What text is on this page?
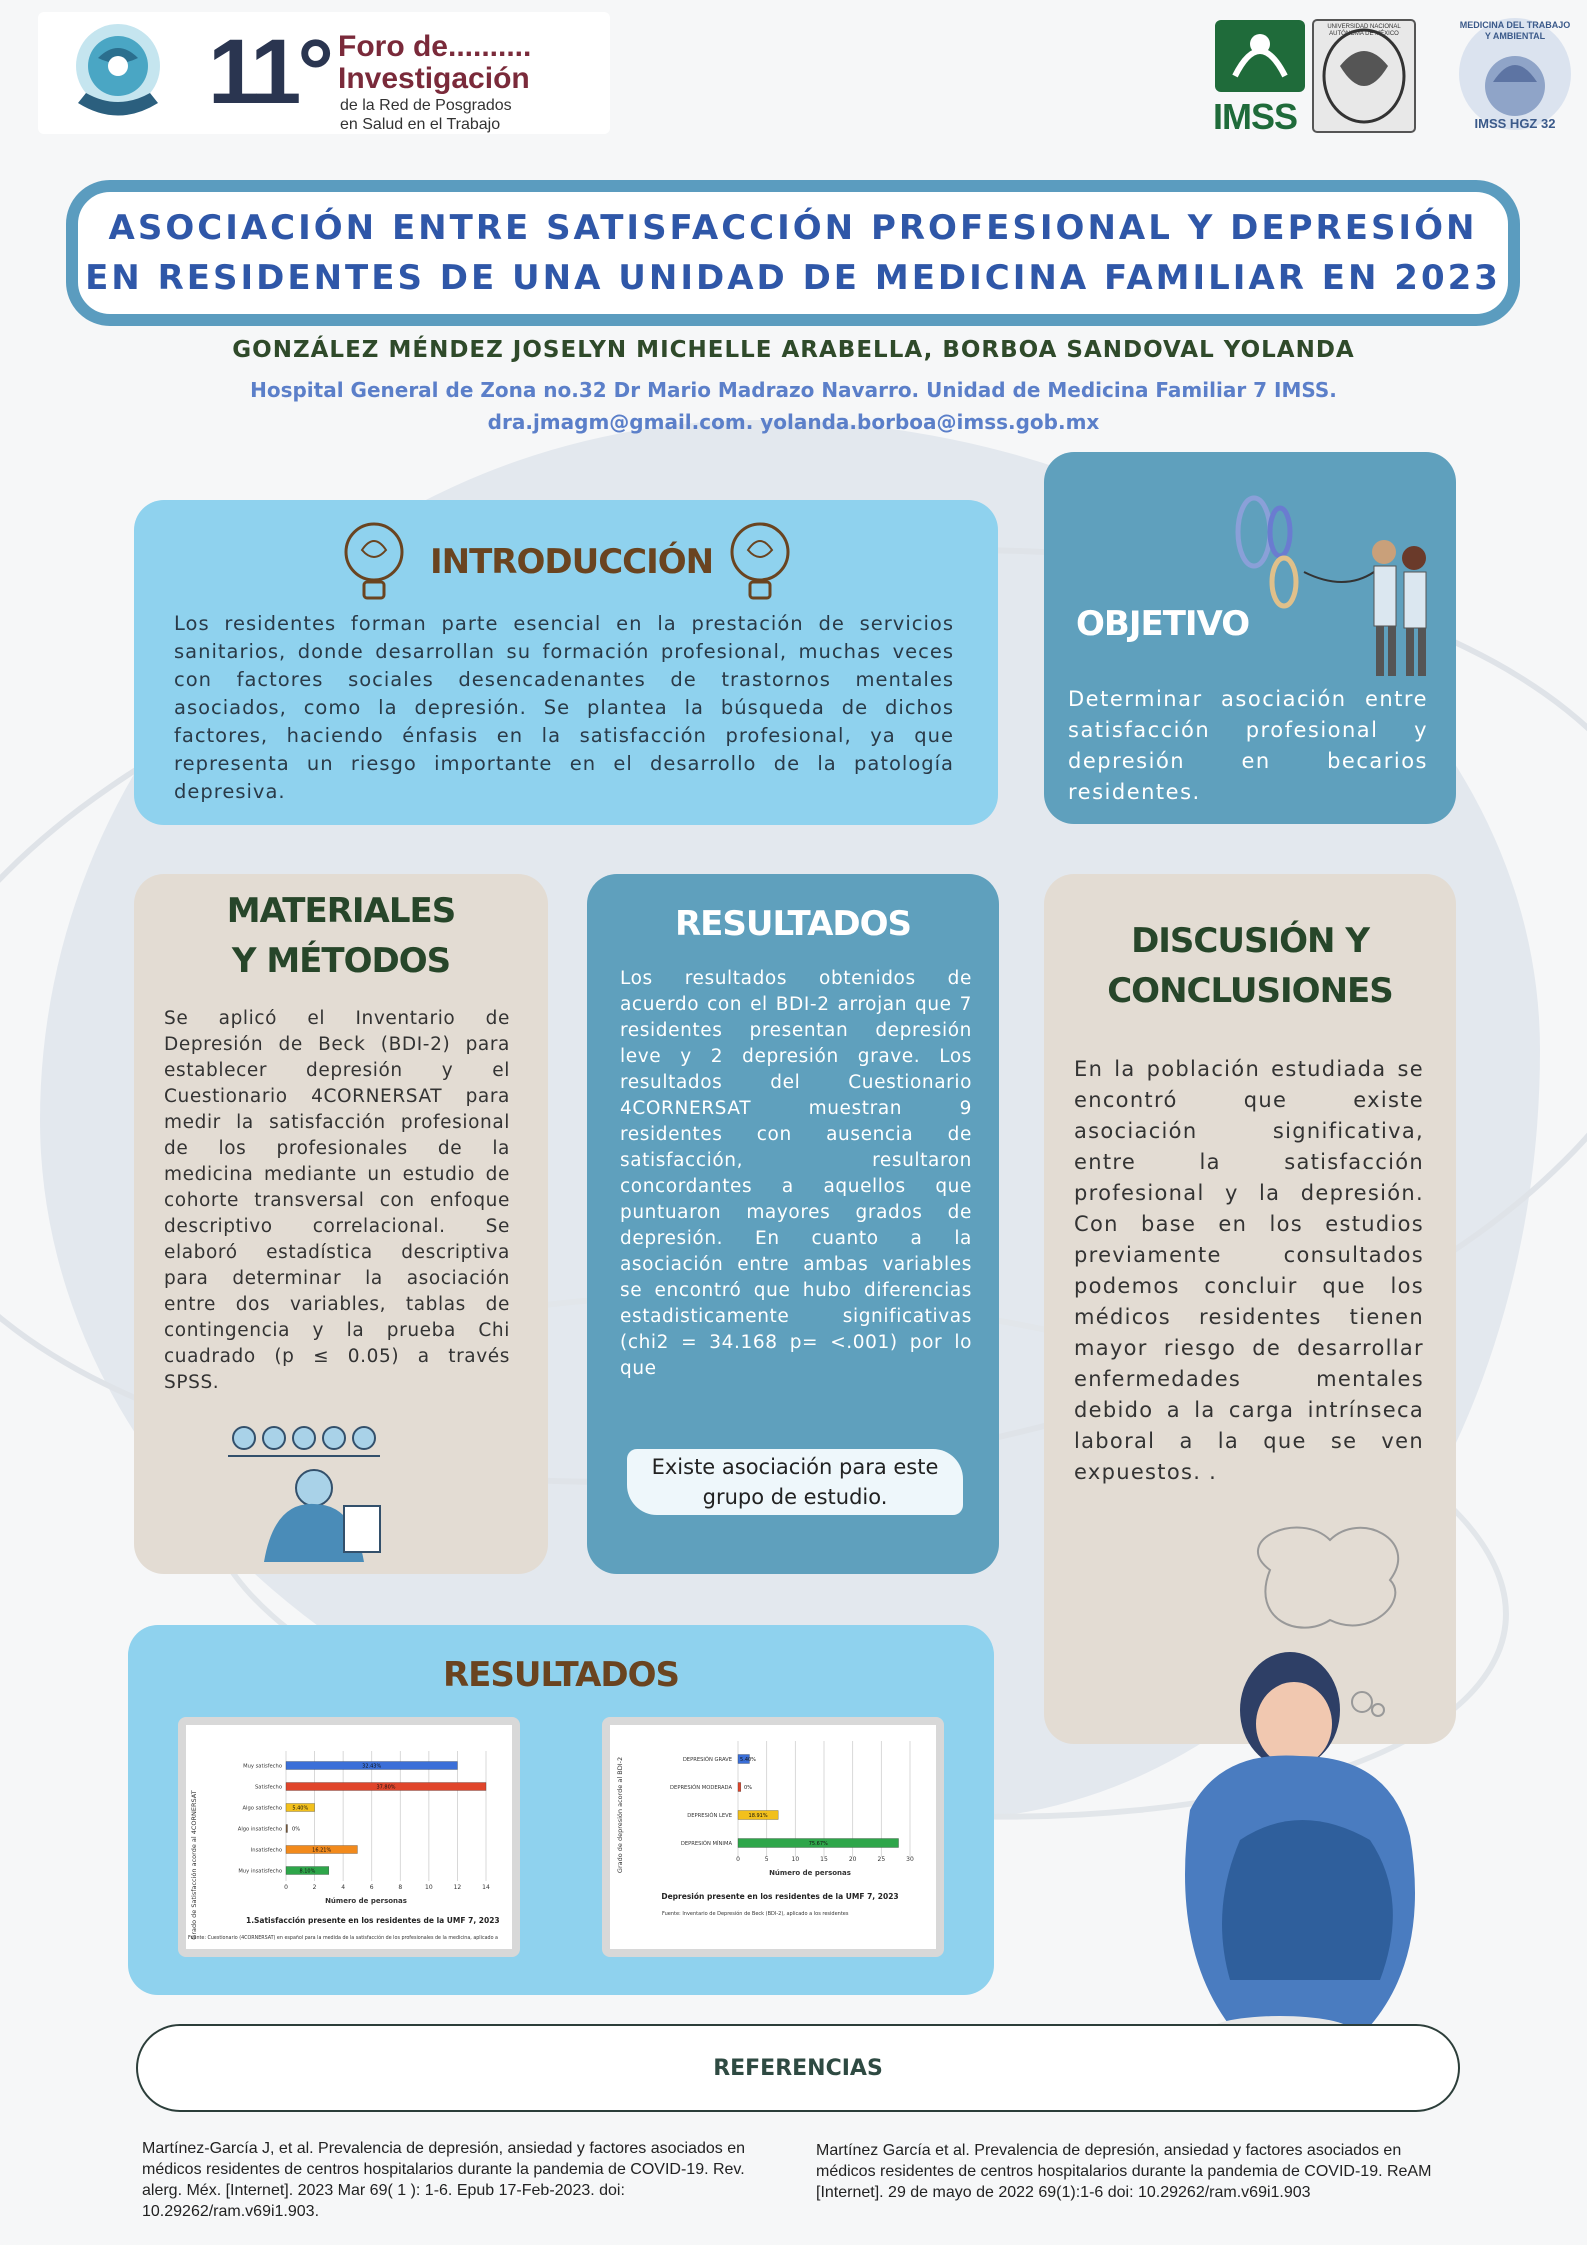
11° Foro de..........
Investigación
de la Red de Posgrados
en Salud en el Trabajo	IMSS
UNIVERSIDAD NACIONAL AUTÓNOMA DE MÉXICO
MEDICINA DEL TRABAJO Y AMBIENTAL
IMSS HGZ 32
ASOCIACIÓN ENTRE SATISFACCIÓN PROFESIONAL Y DEPRESIÓN
EN RESIDENTES DE UNA UNIDAD DE MEDICINA FAMILIAR EN 2023
GONZÁLEZ MÉNDEZ JOSELYN MICHELLE ARABELLA, BORBOA SANDOVAL YOLANDA
Hospital General de Zona no.32 Dr Mario Madrazo Navarro. Unidad de Medicina Familiar 7 IMSS.
dra.jmagm@gmail.com. yolanda.borboa@imss.gob.mx
INTRODUCCIÓN
Los residentes forman parte esencial en la prestación de servicios sanitarios, donde desarrollan su formación profesional, muchas veces con factores sociales desencadenantes de trastornos mentales asociados, como la depresión. Se plantea la búsqueda de dichos factores, haciendo énfasis en la satisfacción profesional, ya que representa un riesgo importante en el desarrollo de la patología depresiva.
OBJETIVO
Determinar asociación entre satisfacción profesional y depresión en becarios residentes.
MATERIALES
Y MÉTODOS
Se aplicó el Inventario de Depresión de Beck (BDI-2) para establecer depresión y el Cuestionario 4CORNERSAT para medir la satisfacción profesional de los profesionales de la medicina mediante un estudio de cohorte transversal con enfoque descriptivo correlacional. Se elaboró estadística descriptiva para determinar la asociación entre dos variables, tablas de contingencia y la prueba Chi cuadrado (p ≤ 0.05) a través SPSS.
RESULTADOS
Los resultados obtenidos de acuerdo con el BDI-2 arrojan que 7 residentes presentan depresión leve y 2 depresión grave. Los resultados del Cuestionario 4CORNERSAT muestran 9 residentes con ausencia de satisfacción, resultaron concordantes a aquellos que puntuaron mayores grados de depresión. En cuanto a la asociación entre ambas variables se encontró que hubo diferencias estadisticamente significativas (chi2 = 34.168 p= <.001) por lo que
Existe asociación para este grupo de estudio.
DISCUSIÓN Y
CONCLUSIONES
En la población estudiada se encontró que existe asociación significativa, entre la satisfacción profesional y la depresión. Con base en los estudios previamente consultados podemos concluir que los médicos residentes tienen mayor riesgo de desarrollar enfermedades mentales debido a la carga intrínseca laboral a la que se ven expuestos. .
RESULTADOS
0	2	4	6	8	10	12	14
Muy satisfecho	32.43%
Satisfecho	37.80%
Algo satisfecho 5.40%
Algo insatisfecho 0%
Insatisfecho	16.21%
Muy insatisfecho	8.10%
Grado de Satisfacción acorde al 4CORNERSAT	Número de personas
1. Satisfacción presente en los residentes de la UMF 7, 2023
Fuente: Cuestionario (4CORNERSAT) en español para la medida de la satisfacción de los profesionales de la medicina, aplicado a
0	5	10	15	20	25	30
DEPRESIÓN GRAVE 5.40%
DEPRESIÓN MODERADA 0%
DEPRESIÓN LEVE	18.91%
DEPRESIÓN MÍNIMA	75.67%
Grado de depresión acorde al BDI-2	Número de personas
Depresión presente en los residentes de la UMF 7, 2023
Fuente: Inventario de Depresión de Beck (BDI-2), aplicado a los residentes
REFERENCIAS
Martínez-García J, et al. Prevalencia de depresión, ansiedad y factores asociados en médicos residentes de centros hospitalarios durante la pandemia de COVID-19. Rev. alerg. Méx. [Internet]. 2023 Mar 69( 1 ): 1-6. Epub 17-Feb-2023. doi: 10.29262/ram.v69i1.903.
Martínez García et al. Prevalencia de depresión, ansiedad y factores asociados en médicos residentes de centros hospitalarios durante la pandemia de COVID-19. ReAM [Internet]. 29 de mayo de 2022 69(1):1-6 doi: 10.29262/ram.v69i1.903
